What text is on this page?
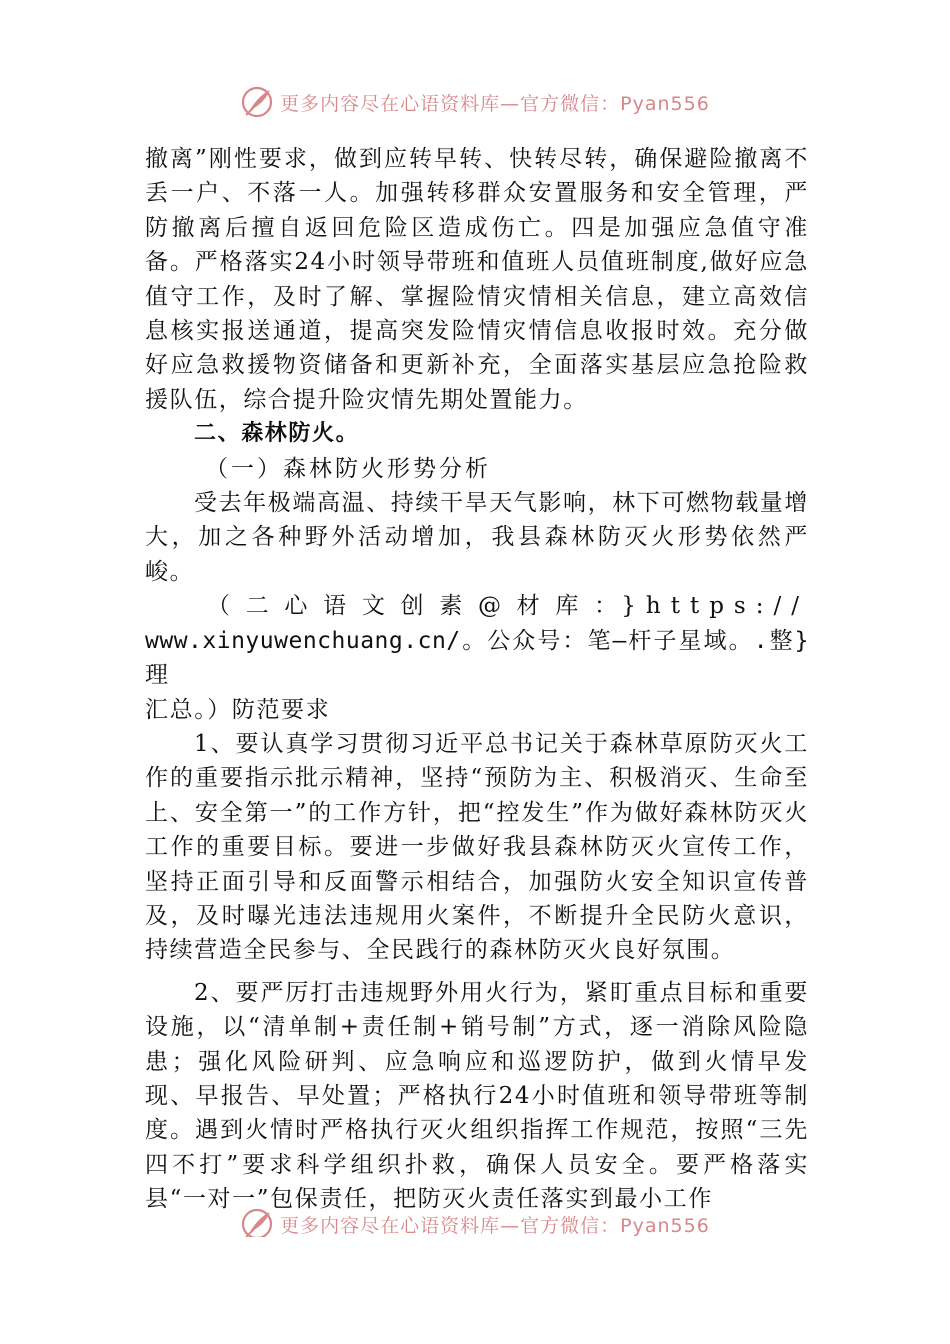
更多内容尽在心语资料库—官方微信：Pyan556

撤离”刚性要求，做到应转早转、快转尽转，确保避险撤离不丢一户、不落一人。加强转移群众安置服务和安全管理，严防撤离后擅自返回危险区造成伤亡。四是加强应急值守准备。严格落实24小时领导带班和值班人员值班制度,做好应急值守工作，及时了解、掌握险情灾情相关信息，建立高效信息核实报送通道，提高突发险情灾情信息收报时效。充分做好应急救援物资储备和更新补充，全面落实基层应急抢险救援队伍，综合提升险灾情先期处置能力。

二、森林防火。

（一）森林防火形势分析

受去年极端高温、持续干旱天气影响，林下可燃物载量增大，加之各种野外活动增加，我县森林防灭火形势依然严峻。

（二心语文创素@材库：}https://

www.xinyuwenchuang.cn/。公众号：笔—杆子星域。.整}理

汇总。）防范要求

1、要认真学习贯彻习近平总书记关于森林草原防灭火工作的重要指示批示精神，坚持“预防为主、积极消灭、生命至上、安全第一”的工作方针，把“控发生”作为做好森林防灭火工作的重要目标。要进一步做好我县森林防灭火宣传工作，坚持正面引导和反面警示相结合，加强防火安全知识宣传普及，及时曝光违法违规用火案件，不断提升全民防火意识，持续营造全民参与、全民践行的森林防灭火良好氛围。

2、要严厉打击违规野外用火行为，紧盯重点目标和重要设施，以“清单制+责任制+销号制”方式，逐一消除风险隐患；强化风险研判、应急响应和巡逻防护，做到火情早发现、早报告、早处置；严格执行24小时值班和领导带班等制度。遇到火情时严格执行灭火组织指挥工作规范，按照“三先四不打”要求科学组织扑救，确保人员安全。要严格落实县“一对一”包保责任，把防灭火责任落实到最小工作

更多内容尽在心语资料库—官方微信：Pyan556
